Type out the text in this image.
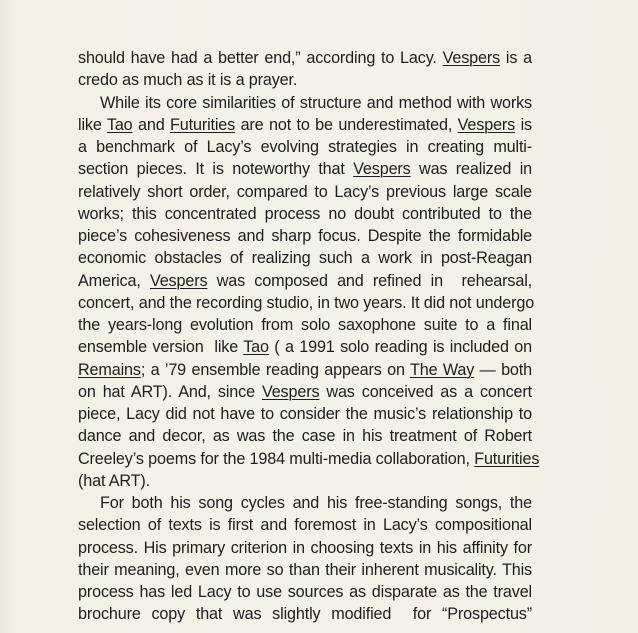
should have had a better end,” according to Lacy. Vespers is a
credo as much as it is a prayer.
While its core similarities of structure and method with works
like Tao and Futurities are not to be underestimated, Vespers is
a benchmark of Lacy’s evolving strategies in creating multi-
section pieces. It is noteworthy that Vespers was realized in
relatively short order, compared to Lacy’s previous large scale
works; this concentrated process no doubt contributed to the
piece’s cohesiveness and sharp focus. Despite the formidable
economic obstacles of realizing such a work in post-Reagan
America, Vespers was composed and refined in  rehearsal,
concert, and the recording studio, in two years. It did not undergo
the years-long evolution from solo saxophone suite to a final
ensemble version  like Tao ( a 1991 solo reading is included on
Remains; a ’79 ensemble reading appears on The Way — both
on hat ART). And, since Vespers was conceived as a concert
piece, Lacy did not have to consider the music’s relationship to
dance and decor, as was the case in his treatment of Robert
Creeley’s poems for the 1984 multi-media collaboration, Futurities
(hat ART).
For both his song cycles and his free-standing songs, the
selection of texts is first and foremost in Lacy’s compositional
process. His primary criterion in choosing texts in his affinity for
their meaning, even more so than their inherent musicality. This
process has led Lacy to use sources as disparate as the travel
brochure copy that was slightly modified  for “Prospectus”
